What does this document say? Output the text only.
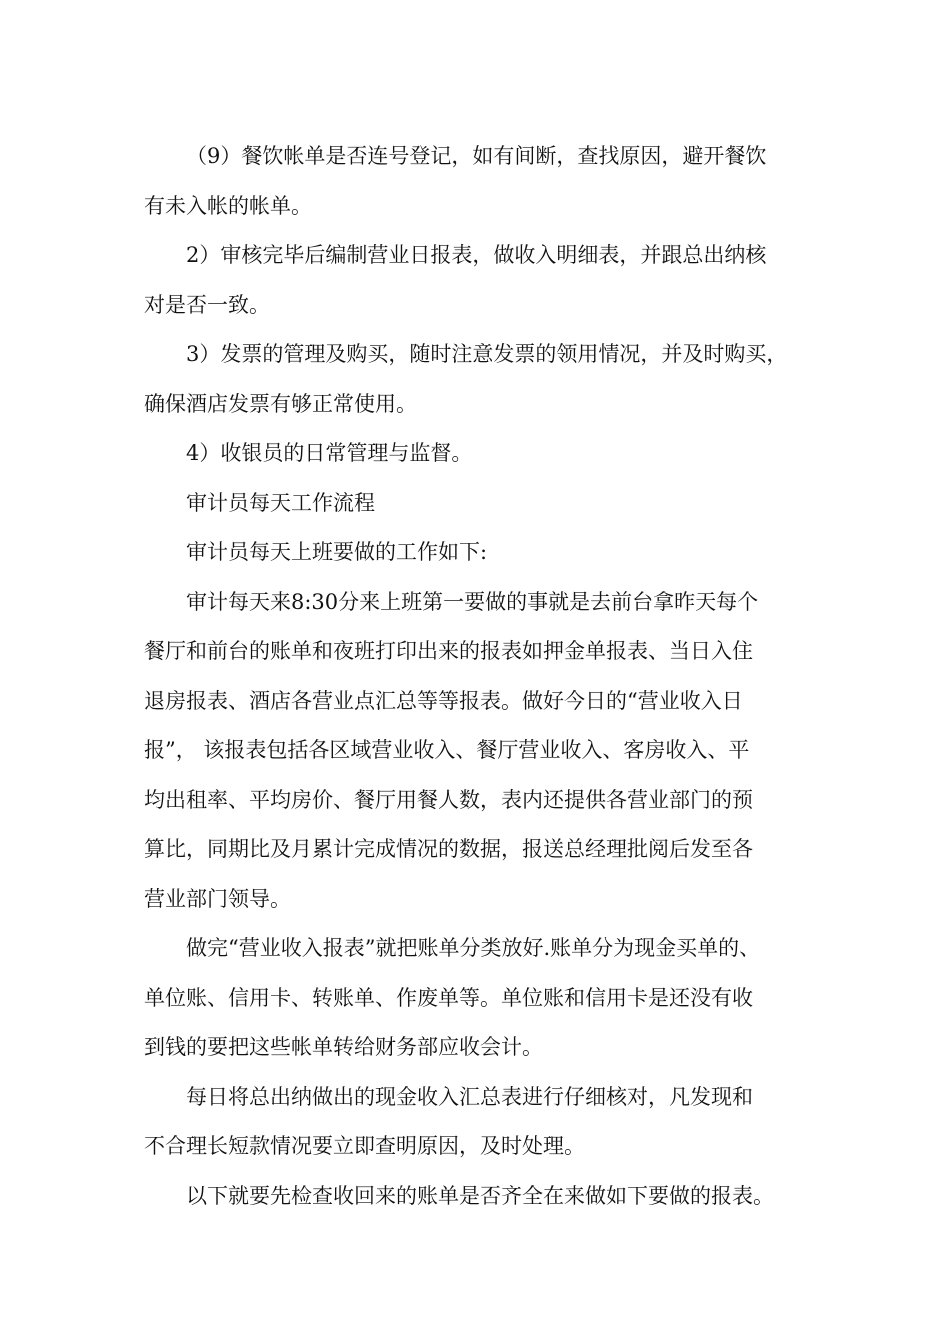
（9）餐饮帐单是否连号登记，如有间断，查找原因，避开餐饮
有未入帐的帐单。

2）审核完毕后编制营业日报表，做收入明细表，并跟总出纳核
对是否一致。

3）发票的管理及购买，随时注意发票的领用情况，并及时购买，
确保酒店发票有够正常使用。

4）收银员的日常管理与监督。

审计员每天工作流程

审计员每天上班要做的工作如下:

审计每天来8:30分来上班第一要做的事就是去前台拿昨天每个
餐厅和前台的账单和夜班打印出来的报表如押金单报表、当日入住
退房报表、酒店各营业点汇总等等报表。做好今日的“营业收入日
报”， 该报表包括各区域营业收入、餐厅营业收入、客房收入、平
均出租率、平均房价、餐厅用餐人数，表内还提供各营业部门的预
算比，同期比及月累计完成情况的数据，报送总经理批阅后发至各
营业部门领导。

做完“营业收入报表”就把账单分类放好.账单分为现金买单的、
单位账、信用卡、转账单、作废单等。单位账和信用卡是还没有收
到钱的要把这些帐单转给财务部应收会计。

每日将总出纳做出的现金收入汇总表进行仔细核对，凡发现和
不合理长短款情况要立即查明原因，及时处理。

以下就要先检查收回来的账单是否齐全在来做如下要做的报表。
